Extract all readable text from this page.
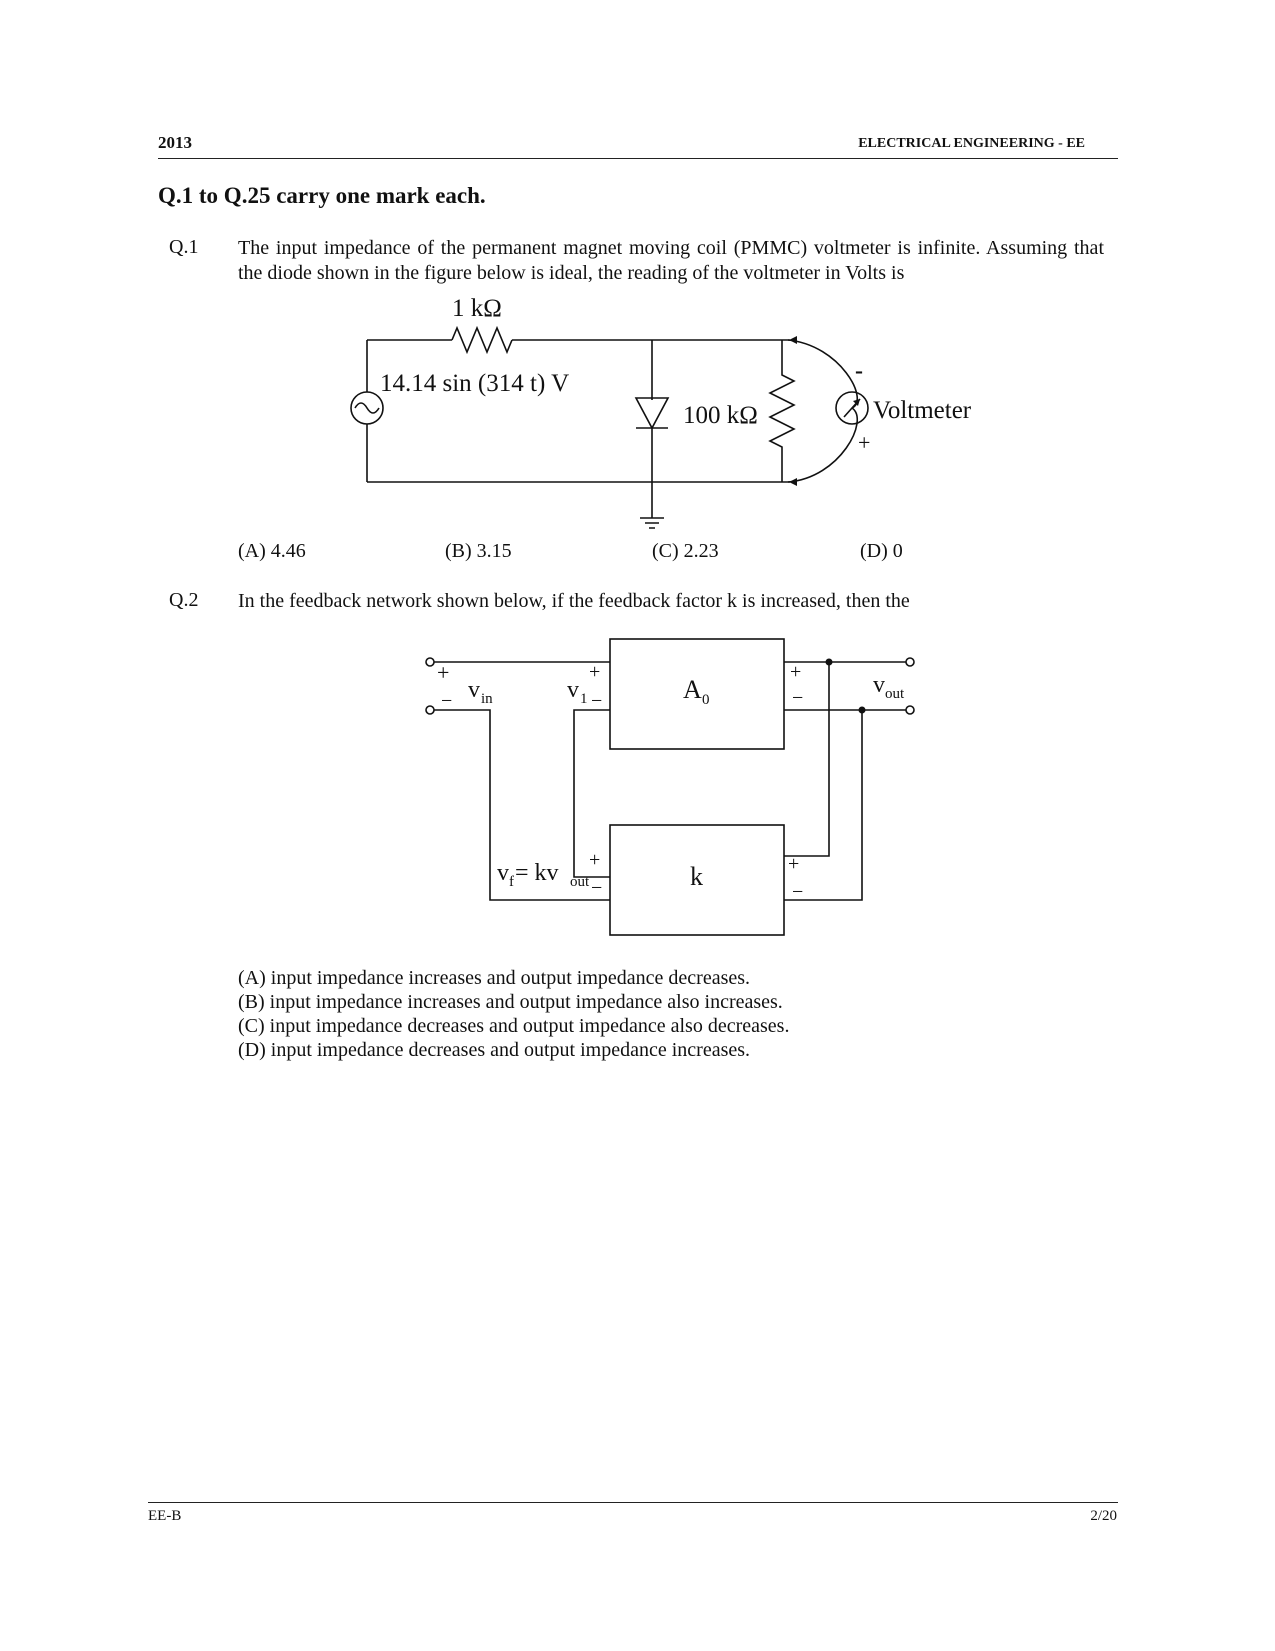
2013	ELECTRICAL ENGINEERING - EE
Q.1 to Q.25 carry one mark each.
Q.1 The input impedance of the permanent magnet moving coil (PMMC) voltmeter is infinite. Assuming that the diode shown in the figure below is ideal, the reading of the voltmeter in Volts is
1 kΩ
14.14 sin (314 t) V
100 kΩ	Voltmeter
-
+
(A) 4.46	(B) 3.15	(C) 2.23	(D) 0
Q.2 In the feedback network shown below, if the feedback factor k is increased, then the
A 0
k
+
− v in
+
v 1 −
+
−	v out
+
v f = kv out −
+
−
(A) input impedance increases and output impedance decreases.
(B) input impedance increases and output impedance also increases.
(C) input impedance decreases and output impedance also decreases.
(D) input impedance decreases and output impedance increases.
EE-B	2/20
